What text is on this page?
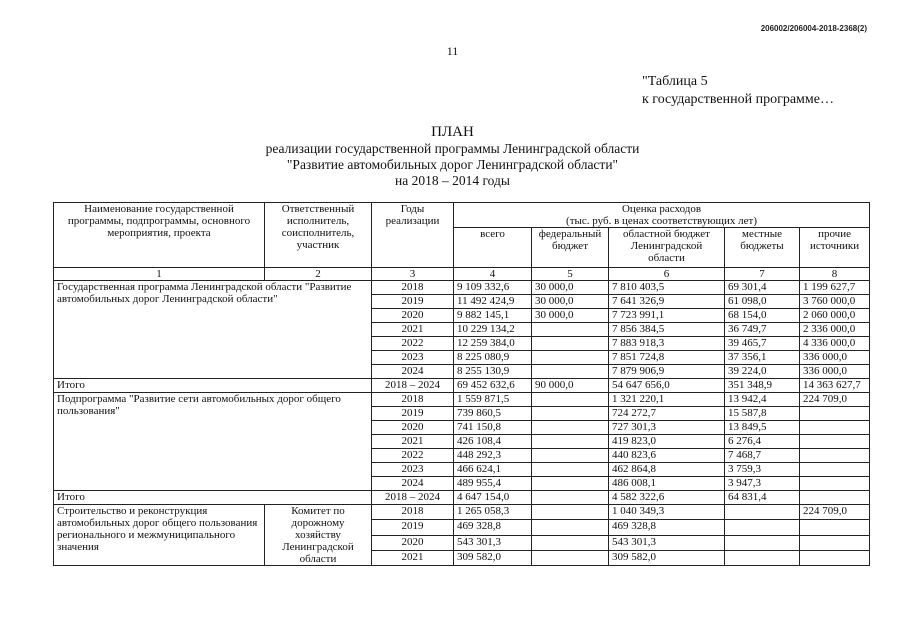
206002/206004-2018-2368(2)
11
"Таблица 5
к государственной программе…
ПЛАН
реализации государственной программы Ленинградской области
"Развитие автомобильных дорог Ленинградской области"
на 2018 – 2014 годы
Наименование государственной программы, подпрограммы, основного мероприятия, проекта	Ответственный исполнитель, соисполнитель, участник	Годы реализации	Оценка расходов
(тыс. руб. в ценах соответствующих лет)				

			всего	федеральный бюджет	областной бюджет Ленинградской области	местные бюджеты	прочие источники
1	2	3	4	5	6	7	8
Государственная программа Ленинградской области "Развитие автомобильных дорог Ленинградской области"		2018	9 109 332,6	30 000,0	7 810 403,5	69 301,4	1 199 627,7
		2019	11 492 424,9	30 000,0	7 641 326,9	61 098,0	3 760 000,0
		2020	9 882 145,1	30 000,0	7 723 991,1	68 154,0	2 060 000,0
		2021	10 229 134,2		7 856 384,5	36 749,7	2 336 000,0
		2022	12 259 384,0		7 883 918,3	39 465,7	4 336 000,0
		2023	8 225 080,9		7 851 724,8	37 356,1	336 000,0
		2024	8 255 130,9		7 879 906,9	39 224,0	336 000,0
Итого		2018 – 2024	69 452 632,6	90 000,0	54 647 656,0	351 348,9	14 363 627,7
Подпрограмма "Развитие сети автомобильных дорог общего пользования"		2018	1 559 871,5		1 321 220,1	13 942,4	224 709,0
		2019	739 860,5		724 272,7	15 587,8	
		2020	741 150,8		727 301,3	13 849,5	
		2021	426 108,4		419 823,0	6 276,4	
		2022	448 292,3		440 823,6	7 468,7	
		2023	466 624,1		462 864,8	3 759,3	
		2024	489 955,4		486 008,1	3 947,3	
Итого		2018 – 2024	4 647 154,0		4 582 322,6	64 831,4	
Строительство и реконструкция автомобильных дорог общего пользования регионального и межмуниципального значения	Комитет по дорожному хозяйству Ленинградской области	2018	1 265 058,3		1 040 349,3		224 709,0
		2019	469 328,8		469 328,8		
		2020	543 301,3		543 301,3		
		2021	309 582,0		309 582,0		
